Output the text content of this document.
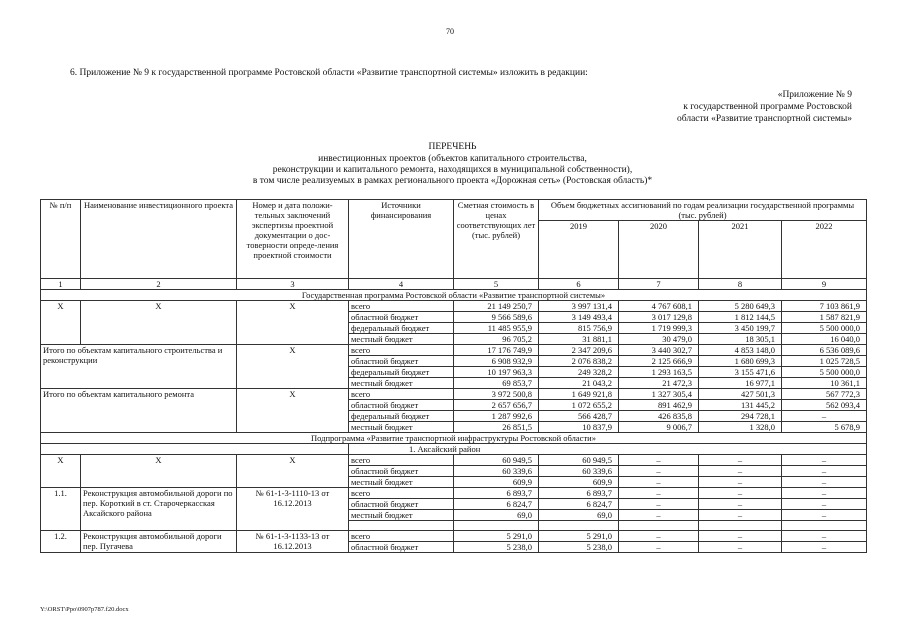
70
6. Приложение № 9 к государственной программе Ростовской области «Развитие транспортной системы» изложить в редакции:
«Приложение № 9
к государственной программе Ростовской
области «Развитие транспортной системы»
ПЕРЕЧЕНЬ
инвестиционных проектов (объектов капитального строительства,
реконструкции и капитального ремонта, находящихся в муниципальной собственности),
в том числе реализуемых в рамках регионального проекта «Дорожная сеть» (Ростовская область)*
№ п/п	Наименование инвестиционного проекта	Номер и дата положи-тельных заключений экспертизы проектной документации о дос-товерности опреде-ления проектной стоимости	Источники финансирования	Сметная стоимость в ценах соответствующих лет (тыс. рублей)	Объем бюджетных ассигнований по годам реализации государственной программы (тыс. рублей)			
					2019	2020	2021	2022
1	2	3	4	5	6	7	8	9
Государственная программа Ростовской области «Развитие транспортной системы»								
Х	Х	Х	всего	21 149 250,7	3 997 131,4	4 767 608,1	5 280 649,3	7 103 861,9
			областной бюджет	9 566 589,6	3 149 493,4	3 017 129,8	1 812 144,5	1 587 821,9
			федеральный бюджет	11 485 955,9	815 756,9	1 719 999,3	3 450 199,7	5 500 000,0
			местный бюджет	96 705,2	31 881,1	30 479,0	18 305,1	16 040,0
Итого по объектам капитального строительства и реконструкции		Х	всего	17 176 749,9	2 347 209,6	3 440 302,7	4 853 148,0	6 536 089,6
			областной бюджет	6 908 932,9	2 076 838,2	2 125 666,9	1 680 699,3	1 025 728,5
			федеральный бюджет	10 197 963,3	249 328,2	1 293 163,5	3 155 471,6	5 500 000,0
			местный бюджет	69 853,7	21 043,2	21 472,3	16 977,1	10 361,1
Итого по объектам капитального ремонта		Х	всего	3 972 500,8	1 649 921,8	1 327 305,4	427 501,3	567 772,3
			областной бюджет	2 657 656,7	1 072 655,2	891 462,9	131 445,2	562 093,4
			федеральный бюджет	1 287 992,6	566 428,7	426 835,8	294 728,1	–
			местный бюджет	26 851,5	10 837,9	9 006,7	1 328,0	5 678,9
Подпрограмма «Развитие транспортной инфраструктуры Ростовской области»								
			1. Аксайский район					
Х	Х	Х	всего	60 949,5	60 949,5	–	–	–
			областной бюджет	60 339,6	60 339,6	–	–	–
			местный бюджет	609,9	609,9	–	–	–
1.1.	Реконструкция автомобильной дороги по пер. Короткий в ст. Старочеркасская Аксайского района	№ 61-1-3-1110-13 от 16.12.2013	всего	6 893,7	6 893,7	–	–	–
			областной бюджет	6 824,7	6 824,7	–	–	–
			местный бюджет	69,0	69,0	–	–	–

1.2.	Реконструкция автомобильной дороги пер. Пугачева	№ 61-1-3-1133-13 от 16.12.2013	всего	5 291,0	5 291,0	–	–	–
			областной бюджет	5 238,0	5 238,0	–	–	–
Y:\ORST\Ppo\0907p787.f20.docx
